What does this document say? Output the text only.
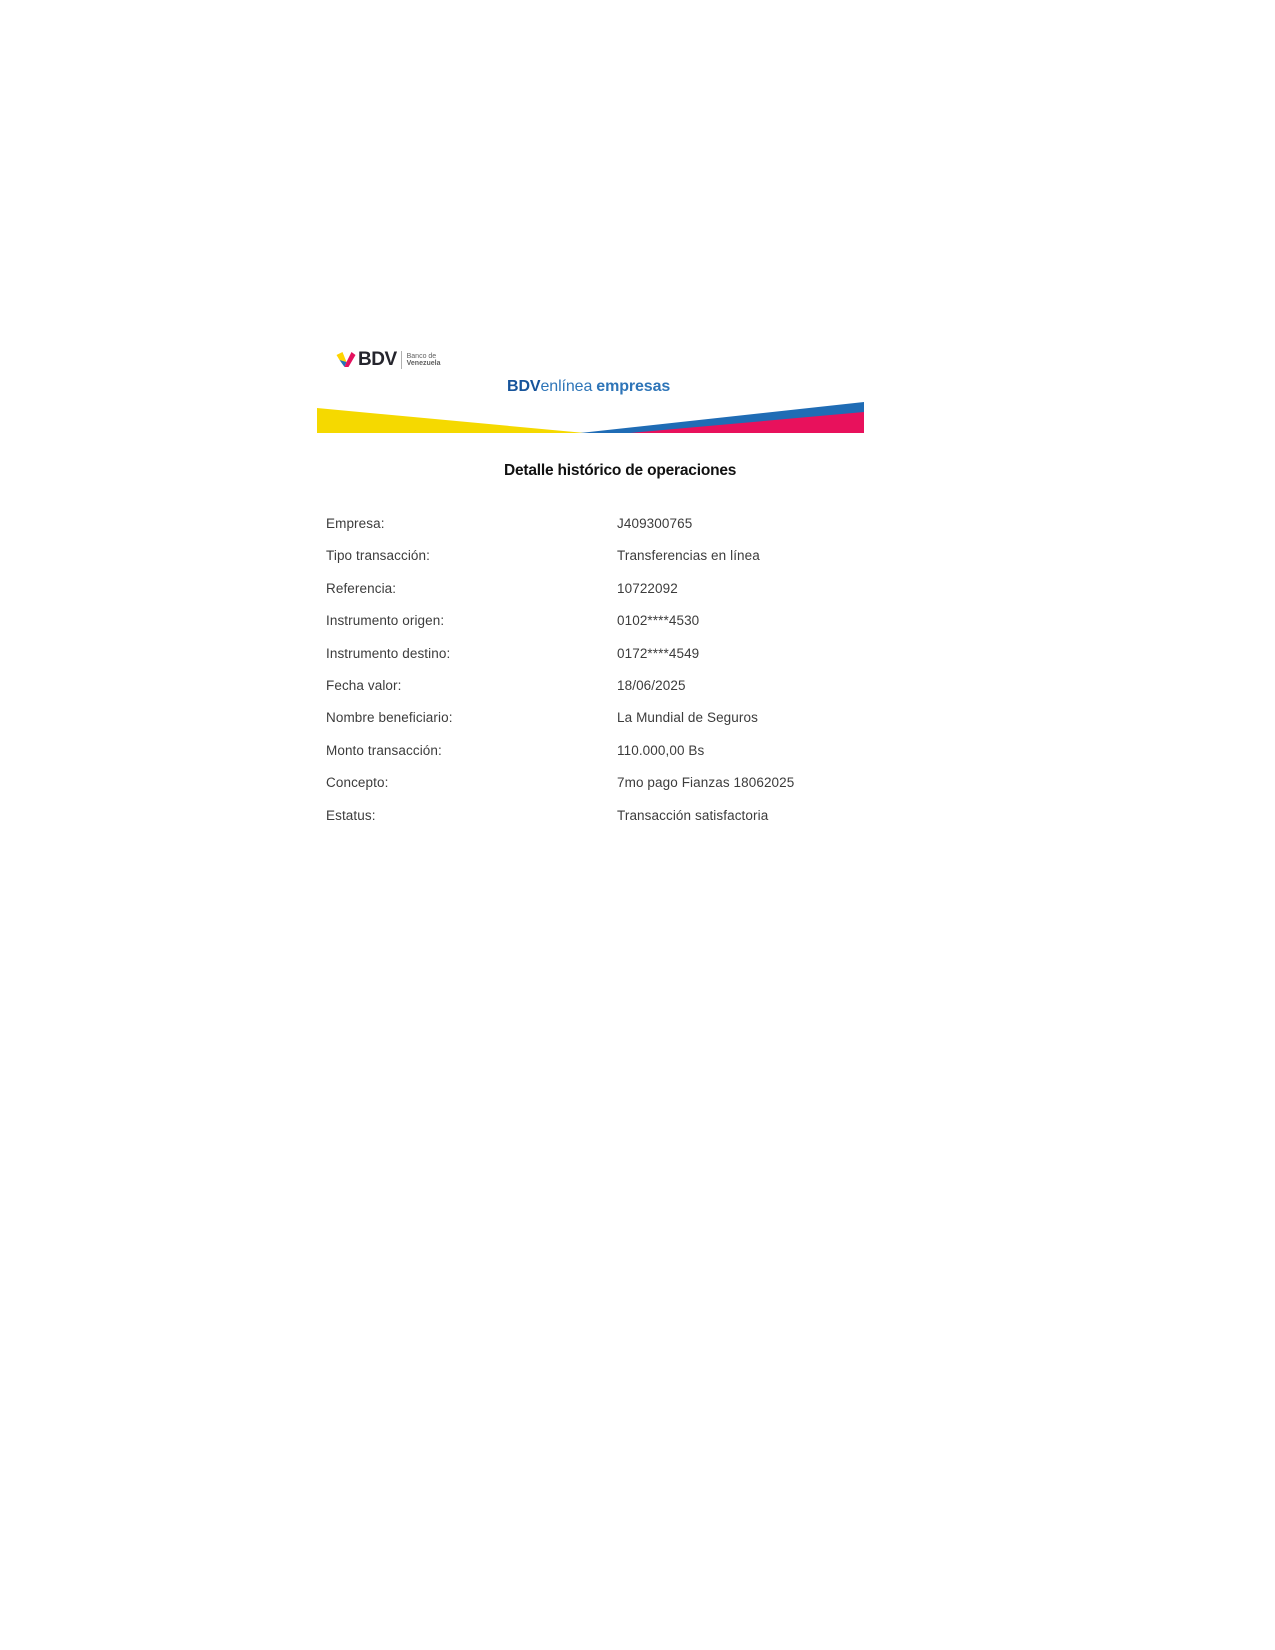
BDV Banco de
Venezuela
BDVenlínea empresas
Detalle histórico de operaciones
Empresa:	J409300765
Tipo transacción:	Transferencias en línea
Referencia:	10722092
Instrumento origen:	0102****4530
Instrumento destino:	0172****4549
Fecha valor:	18/06/2025
Nombre beneficiario:	La Mundial de Seguros
Monto transacción:	110.000,00 Bs
Concepto:	7mo pago Fianzas 18062025
Estatus:	Transacción satisfactoria
